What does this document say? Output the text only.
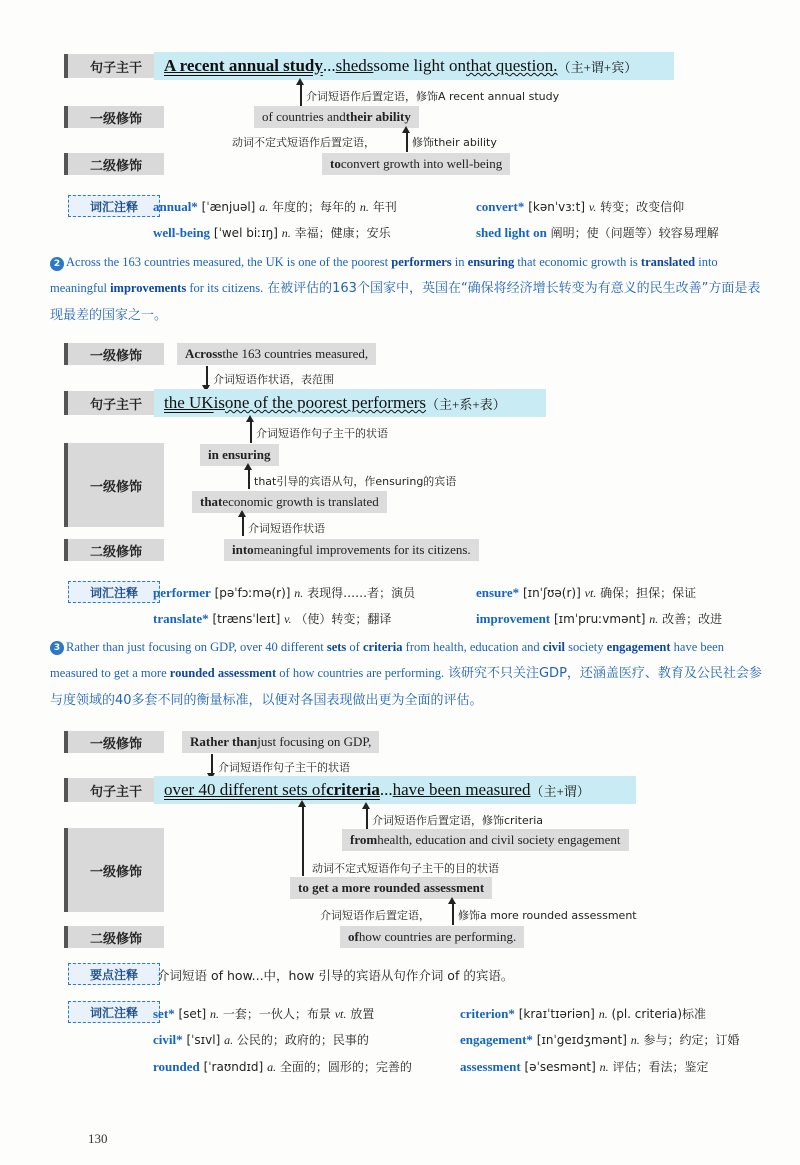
句子主干	A recent annual study ... sheds some light on that question. （主+谓+宾）
介词短语作后置定语，修饰A recent annual study
一级修饰	of countries and their ability
动词不定式短语作后置定语，	修饰their ability
二级修饰	to convert growth into well-being
词汇注释	annual* [ˈænjuəl] a. 年度的；每年的 n. 年刊	convert* [kənˈvɜːt] v. 转变；改变信仰
well-being [ˈwel biːɪŋ] n. 幸福；健康；安乐	shed light on 阐明；使（问题等）较容易理解
2 Across the 163 countries measured, the UK is one of the poorest performers in ensuring that economic growth is translated into meaningful improvements for its citizens. 在被评估的163个国家中，英国在“确保将经济增长转变为有意义的民生改善”方面是表现最差的国家之一。
一级修饰	Across the 163 countries measured,
介词短语作状语，表范围
句子主干	the UK is one of the poorest performers （主+系+表）
介词短语作句子主干的状语
一级修饰
in ensuring
that引导的宾语从句，作ensuring的宾语
that economic growth is translated
介词短语作状语
二级修饰	into meaningful improvements for its citizens.
词汇注释	performer [pəˈfɔːmə(r)] n. 表现得……者；演员	ensure* [ɪnˈʃʊə(r)] vt. 确保；担保；保证
translate* [trænsˈleɪt] v. （使）转变；翻译	improvement [ɪmˈpruːvmənt] n. 改善；改进
3 Rather than just focusing on GDP, over 40 different sets of criteria from health, education and civil society engagement have been measured to get a more rounded assessment of how countries are performing. 该研究不只关注GDP，还涵盖医疗、教育及公民社会参与度领域的40多套不同的衡量标准，以便对各国表现做出更为全面的评估。
一级修饰	Rather than just focusing on GDP,
介词短语作句子主干的状语
句子主干	over 40 different sets of criteria ... have been measured （主+谓）
介词短语作后置定语，修饰criteria
一级修饰
from health, education and civil society engagement
动词不定式短语作句子主干的目的状语
to get a more rounded assessment
介词短语作后置定语，	修饰a more rounded assessment
二级修饰	of how countries are performing.
要点注释	介词短语 of how...中，how 引导的宾语从句作介词 of 的宾语。
词汇注释	set* [set] n. 一套；一伙人；布景 vt. 放置	criterion* [kraɪˈtɪəriən] n. (pl. criteria)标准
civil* [ˈsɪvl] a. 公民的；政府的；民事的	engagement* [ɪnˈgeɪdʒmənt] n. 参与；约定；订婚
rounded [ˈraʊndɪd] a. 全面的；圆形的；完善的	assessment [əˈsesmənt] n. 评估；看法；鉴定
130
